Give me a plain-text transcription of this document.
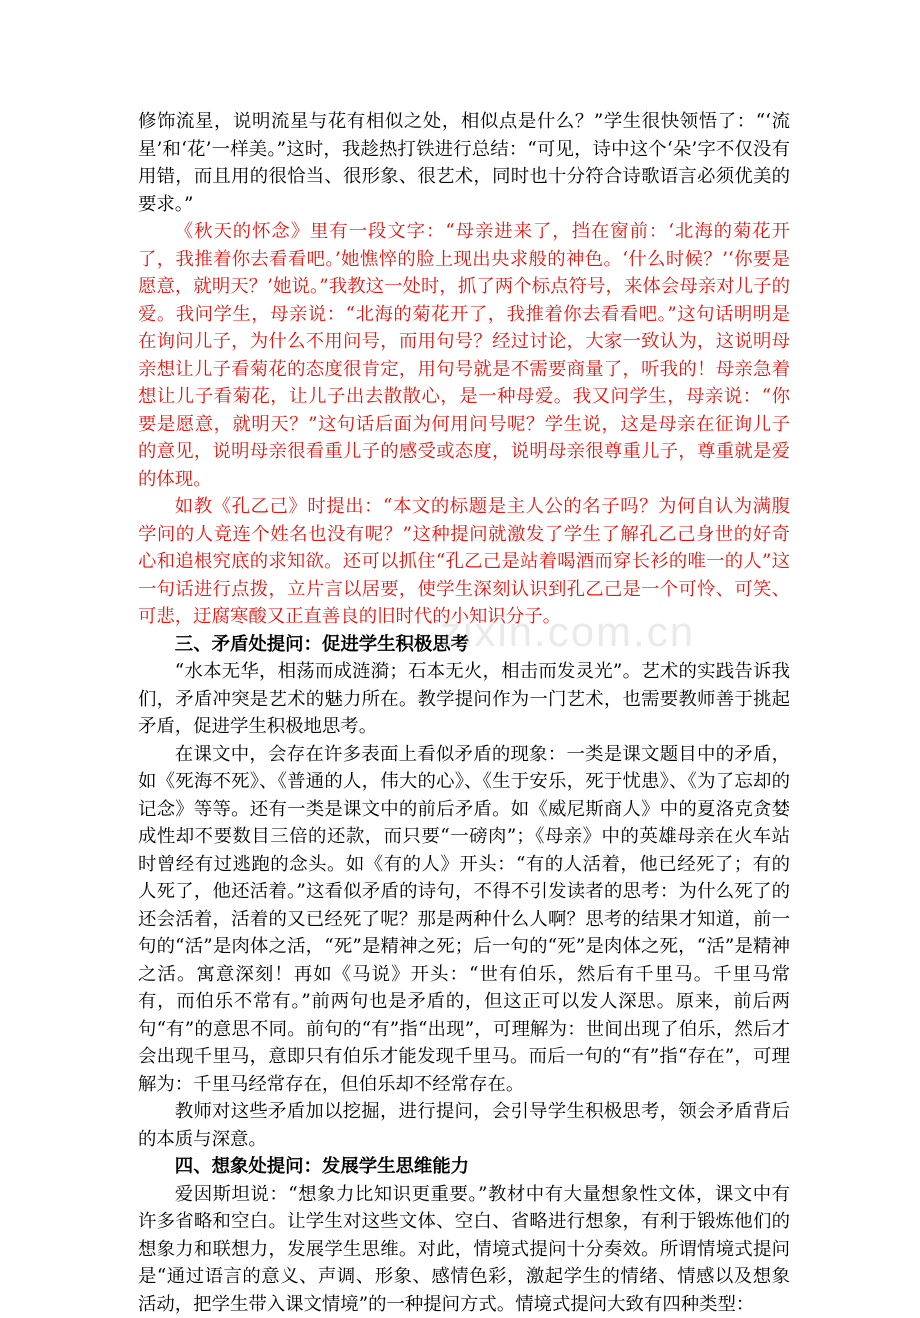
修饰流星，说明流星与花有相似之处，相似点是什么？”学生很快领悟了：“‘流星’和‘花’一样美。”这时，我趁热打铁进行总结：“可见，诗中这个‘朵’字不仅没有用错，而且用的很恰当、很形象、很艺术，同时也十分符合诗歌语言必须优美的要求。”

《秋天的怀念》里有一段文字：“母亲进来了，挡在窗前：‘北海的菊花开了，我推着你去看看吧。’她憔悴的脸上现出央求般的神色。‘什么时候？’‘你要是愿意，就明天？’她说。”我教这一处时，抓了两个标点符号，来体会母亲对儿子的爱。我问学生，母亲说：“北海的菊花开了，我推着你去看看吧。”这句话明明是在询问儿子，为什么不用问号，而用句号？经过讨论，大家一致认为，这说明母亲想让儿子看菊花的态度很肯定，用句号就是不需要商量了，听我的！母亲急着想让儿子看菊花，让儿子出去散散心，是一种母爱。我又问学生，母亲说：“你要是愿意，就明天？”这句话后面为何用问号呢？学生说，这是母亲在征询儿子的意见，说明母亲很看重儿子的感受或态度，说明母亲很尊重儿子，尊重就是爱的体现。

如教《孔乙己》时提出：“本文的标题是主人公的名子吗？为何自认为满腹学问的人竟连个姓名也没有呢？”这种提问就激发了学生了解孔乙己身世的好奇心和追根究底的求知欲。还可以抓住“孔乙己是站着喝酒而穿长衫的唯一的人”这一句话进行点拨，立片言以居要，使学生深刻认识到孔乙己是一个可怜、可笑、可悲，迂腐寒酸又正直善良的旧时代的小知识分子。

三、矛盾处提问：促进学生积极思考

“水本无华，相荡而成涟漪；石本无火，相击而发灵光”。艺术的实践告诉我们，矛盾冲突是艺术的魅力所在。教学提问作为一门艺术，也需要教师善于挑起矛盾，促进学生积极地思考。

在课文中，会存在许多表面上看似矛盾的现象：一类是课文题目中的矛盾，如《死海不死》、《普通的人，伟大的心》、《生于安乐，死于忧患》、《为了忘却的记念》等等。还有一类是课文中的前后矛盾。如《威尼斯商人》中的夏洛克贪婪成性却不要数目三倍的还款，而只要“一磅肉”；《母亲》中的英雄母亲在火车站时曾经有过逃跑的念头。如《有的人》开头：“有的人活着，他已经死了；有的人死了，他还活着。”这看似矛盾的诗句，不得不引发读者的思考：为什么死了的还会活着，活着的又已经死了呢？那是两种什么人啊？思考的结果才知道，前一句的“活”是肉体之活，“死”是精神之死；后一句的“死”是肉体之死，“活”是精神之活。寓意深刻！再如《马说》开头：“世有伯乐，然后有千里马。千里马常有，而伯乐不常有。”前两句也是矛盾的，但这正可以发人深思。原来，前后两句“有”的意思不同。前句的“有”指“出现”，可理解为：世间出现了伯乐，然后才会出现千里马，意即只有伯乐才能发现千里马。而后一句的“有”指“存在”，可理解为：千里马经常存在，但伯乐却不经常存在。

教师对这些矛盾加以挖掘，进行提问，会引导学生积极思考，领会矛盾背后的本质与深意。

四、想象处提问：发展学生思维能力

爱因斯坦说：“想象力比知识更重要。”教材中有大量想象性文体，课文中有许多省略和空白。让学生对这些文体、空白、省略进行想象，有利于锻炼他们的想象力和联想力，发展学生思维。对此，情境式提问十分奏效。所谓情境式提问是“通过语言的意义、声调、形象、感情色彩，激起学生的情绪、情感以及想象活动，把学生带入课文情境”的一种提问方式。情境式提问大致有四种类型：

zixin.com.cn
